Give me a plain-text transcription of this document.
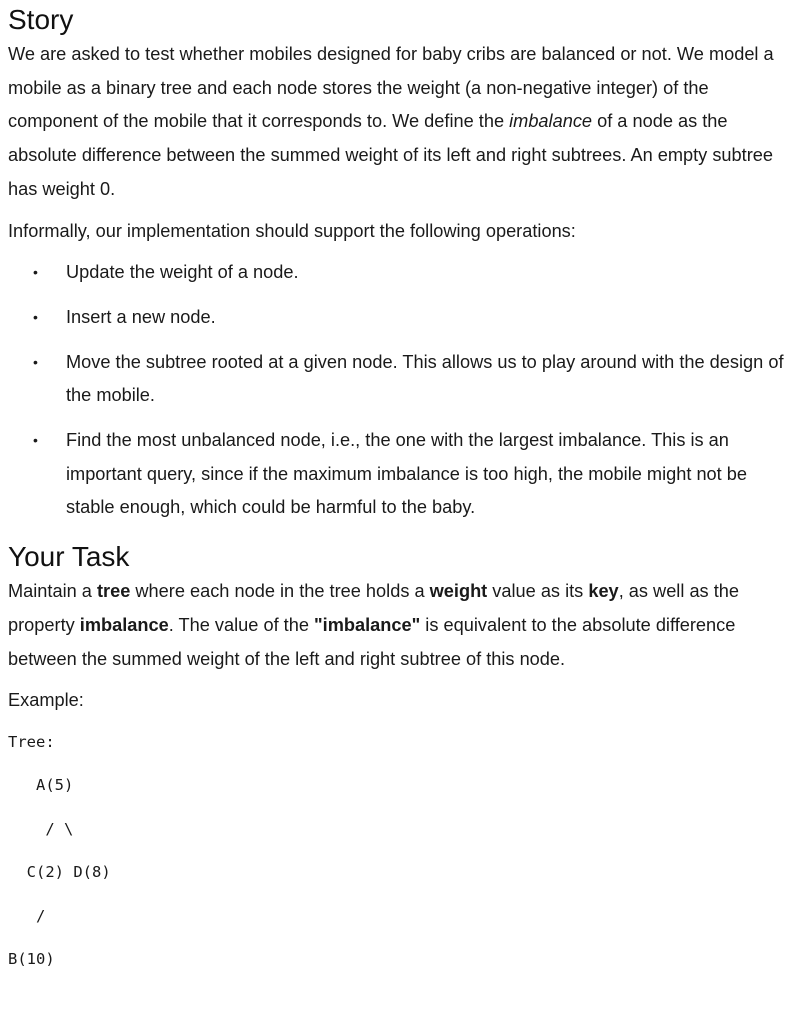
Story

We are asked to test whether mobiles designed for baby cribs are balanced or not. We model a mobile as a binary tree and each node stores the weight (a non-negative integer) of the component of the mobile that it corresponds to. We define the imbalance of a node as the absolute difference between the summed weight of its left and right subtrees. An empty subtree has weight 0.

Informally, our implementation should support the following operations:

• Update the weight of a node.
• Insert a new node.
• Move the subtree rooted at a given node. This allows us to play around with the design of the mobile.
• Find the most unbalanced node, i.e., the one with the largest imbalance. This is an important query, since if the maximum imbalance is too high, the mobile might not be stable enough, which could be harmful to the baby.
Your Task

Maintain a tree where each node in the tree holds a weight value as its key, as well as the property imbalance. The value of the "imbalance" is equivalent to the absolute difference between the summed weight of the left and right subtree of this node.

Example:

Tree:
A(5)
/ \
C(2) D(8)
/
B(10)
